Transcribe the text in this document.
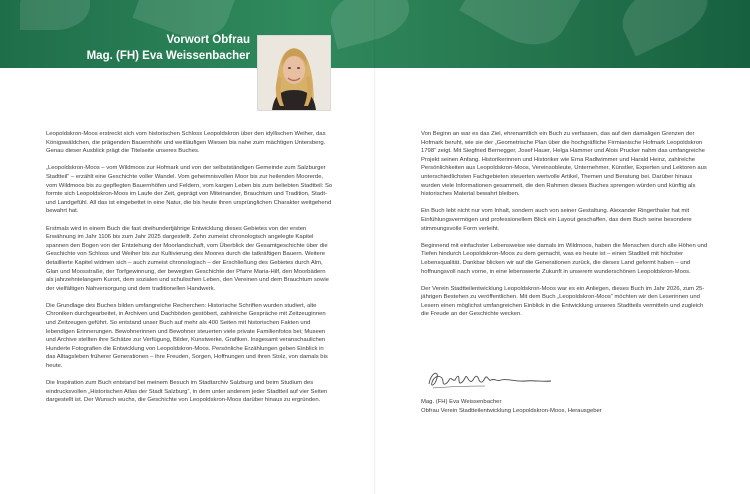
Vorwort Obfrau
Mag. (FH) Eva Weissenbacher

Leopoldskron-Moos erstreckt sich vom historischen Schloss Leopoldskron über den idyllischen Weiher, das Königswäldchen, die prägenden Bauernhöfe und weitläufigen Wiesen bis nahe zum mächtigen Untersberg. Genau dieser Ausblick prägt die Titelseite unseres Buches.

„Leopoldskron-Moos – vom Wildmoos zur Hofmark und von der selbstständigen Gemeinde zum Salzburger Stadtteil“ – erzählt eine Geschichte voller Wandel. Vom geheimnisvollen Moor bis zur heilenden Moorerde, vom Wildmoos bis zu gepflegten Bauernhöfen und Feldern, vom kargen Leben bis zum beliebten Stadtteil: So formte sich Leopoldskron-Moos im Laufe der Zeit, geprägt von Miteinander, Brauchtum und Tradition, Stadt- und Landgefühl. All das ist eingebettet in eine Natur, die bis heute ihren ursprünglichen Charakter weitgehend bewahrt hat.

Erstmals wird in einem Buch die fast dreihundertjährige Entwicklung dieses Gebietes von der ersten Erwähnung im Jahr 1106 bis zum Jahr 2025 dargestellt. Zehn zumeist chronologisch angelegte Kapitel spannen den Bogen von der Entstehung der Moorlandschaft, vom Überblick der Gesamtgeschichte über die Geschichte von Schloss und Weiher bis zur Kultivierung des Moores durch die tatkräftigen Bauern. Weitere detaillierte Kapitel widmen sich – auch zumeist chronologisch – der Erschließung des Gebietes durch Alm, Glan und Moosstraße, der Torfgewinnung, der bewegten Geschichte der Pfarre Maria-Hilf, den Moorbädern als jahrzehntelangem Kurort, dem sozialen und schulischen Leben, den Vereinen und dem Brauchtum sowie der vielfältigen Nahversorgung und dem traditionellen Handwerk.

Die Grundlage des Buches bilden umfangreiche Recherchen: Historische Schriften wurden studiert, alte Chroniken durchgearbeitet, in Archiven und Dachböden gestöbert, zahlreiche Gespräche mit Zeitzeuginnen und Zeitzeugen geführt. So entstand unser Buch auf mehr als 400 Seiten mit historischen Fakten und lebendigen Erinnerungen. Bewohnerinnen und Bewohner steuerten viele private Familienfotos bei; Museen und Archive stellten ihre Schätze zur Verfügung, Bilder, Kunstwerke, Grafiken. Insgesamt veranschaulichen Hunderte Fotografien die Entwicklung von Leopoldskron-Moos. Persönliche Erzählungen geben Einblick in das Alltagsleben früherer Generationen – ihre Freuden, Sorgen, Hoffnungen und ihren Stolz, von damals bis heute.

Die Inspiration zum Buch entstand bei meinem Besuch im Stadtarchiv Salzburg und beim Studium des eindrucksvollen „Historischen Atlas der Stadt Salzburg“, in dem unter anderem jeder Stadtteil auf vier Seiten dargestellt ist. Der Wunsch wuchs, die Geschichte von Leopoldskron-Moos darüber hinaus zu ergründen.

Von Beginn an war es das Ziel, ehrenamtlich ein Buch zu verfassen, das auf den damaligen Grenzen der Hofmark beruht, wie sie der „Geometrische Plan über die hochgräfliche Firmianische Hofmark Leopoldskron 1798“ zeigt. Mit Siegfried Bernegger, Josef Hauer, Helga Hammer und Alois Prucker nahm das umfangreiche Projekt seinen Anfang. Historikerinnen und Historiker wie Erna Radlwimmer und Harald Heinz, zahlreiche Persönlichkeiten aus Leopoldskron-Moos, Vereinsobleute, Unternehmer, Künstler, Experten und Lektoren aus unterschiedlichsten Fachgebieten steuerten wertvolle Artikel, Themen und Beratung bei. Darüber hinaus wurden viele Informationen gesammelt, die den Rahmen dieses Buches sprengen würden und künftig als historisches Material bewahrt bleiben.

Ein Buch lebt nicht nur vom Inhalt, sondern auch von seiner Gestaltung. Alexander Ringerthaler hat mit Einfühlungsvermögen und professionellem Blick ein Layout geschaffen, das dem Buch seine besondere stimmungsvolle Form verleiht.

Beginnend mit einfachster Lebensweise wie damals im Wildmoos, haben die Menschen durch alle Höhen und Tiefen hindurch Leopoldskron-Moos zu dem gemacht, was es heute ist – einen Stadtteil mit höchster Lebensqualität. Dankbar blicken wir auf die Generationen zurück, die dieses Land geformt haben – und hoffnungsvoll nach vorne, in eine lebenswerte Zukunft in unserem wunderschönen Leopoldskron-Moos.

Der Verein Stadtteilentwicklung Leopoldskron-Moos war es ein Anliegen, dieses Buch im Jahr 2026, zum 25-jährigen Bestehen zu veröffentlichen. Mit dem Buch „Leopoldskron-Moos“ möchten wir den Leserinnen und Lesern einen möglichst umfangreichen Einblick in die Entwicklung unseres Stadtteils vermitteln und zugleich die Freude an der Geschichte wecken.

Mag. (FH) Eva Weissenbacher
Obfrau Verein Stadtteilentwicklung Leopoldskron-Moos, Herausgeber
